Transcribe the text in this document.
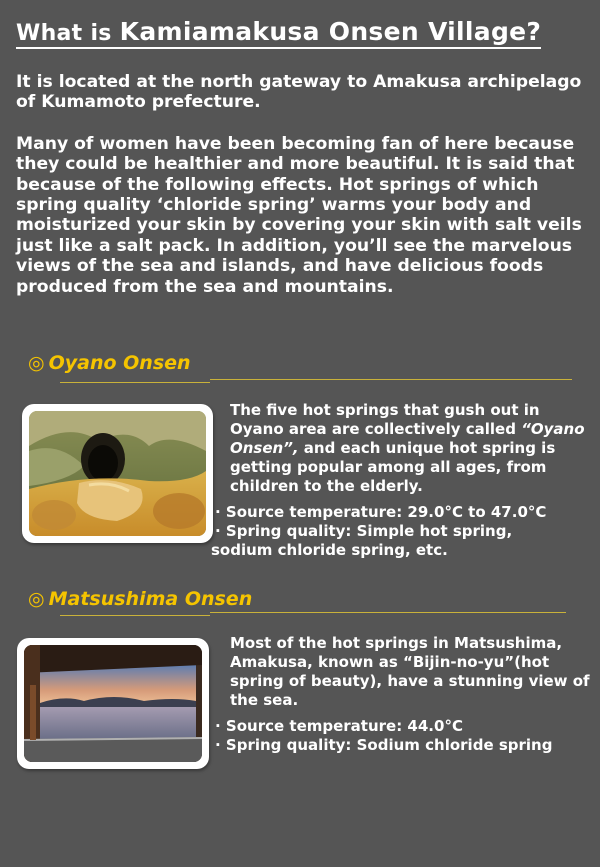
What is Kamiamakusa Onsen Village?

It is located at the north gateway to Amakusa archipelago of Kumamoto prefecture.

Many of women have been becoming fan of here because they could be healthier and more beautiful. It is said that because of the following effects. Hot springs of which spring quality ‘chloride spring’ warms your body and moisturized your skin by covering your skin with salt veils just like a salt pack. In addition, you’ll see the marvelous views of the sea and islands, and have delicious foods produced from the sea and mountains.

◎ Oyano Onsen
The five hot springs that gush out in Oyano area are collectively called “Oyano Onsen”, and each unique hot spring is getting popular among all ages, from children to the elderly.
· Source temperature: 29.0°C to 47.0°C
· Spring quality: Simple hot spring,
sodium chloride spring, etc.
◎ Matsushima Onsen
Most of the hot springs in Matsushima, Amakusa, known as “Bijin-no-yu”(hot spring of beauty), have a stunning view of the sea.
· Source temperature: 44.0°C
· Spring quality: Sodium chloride spring
